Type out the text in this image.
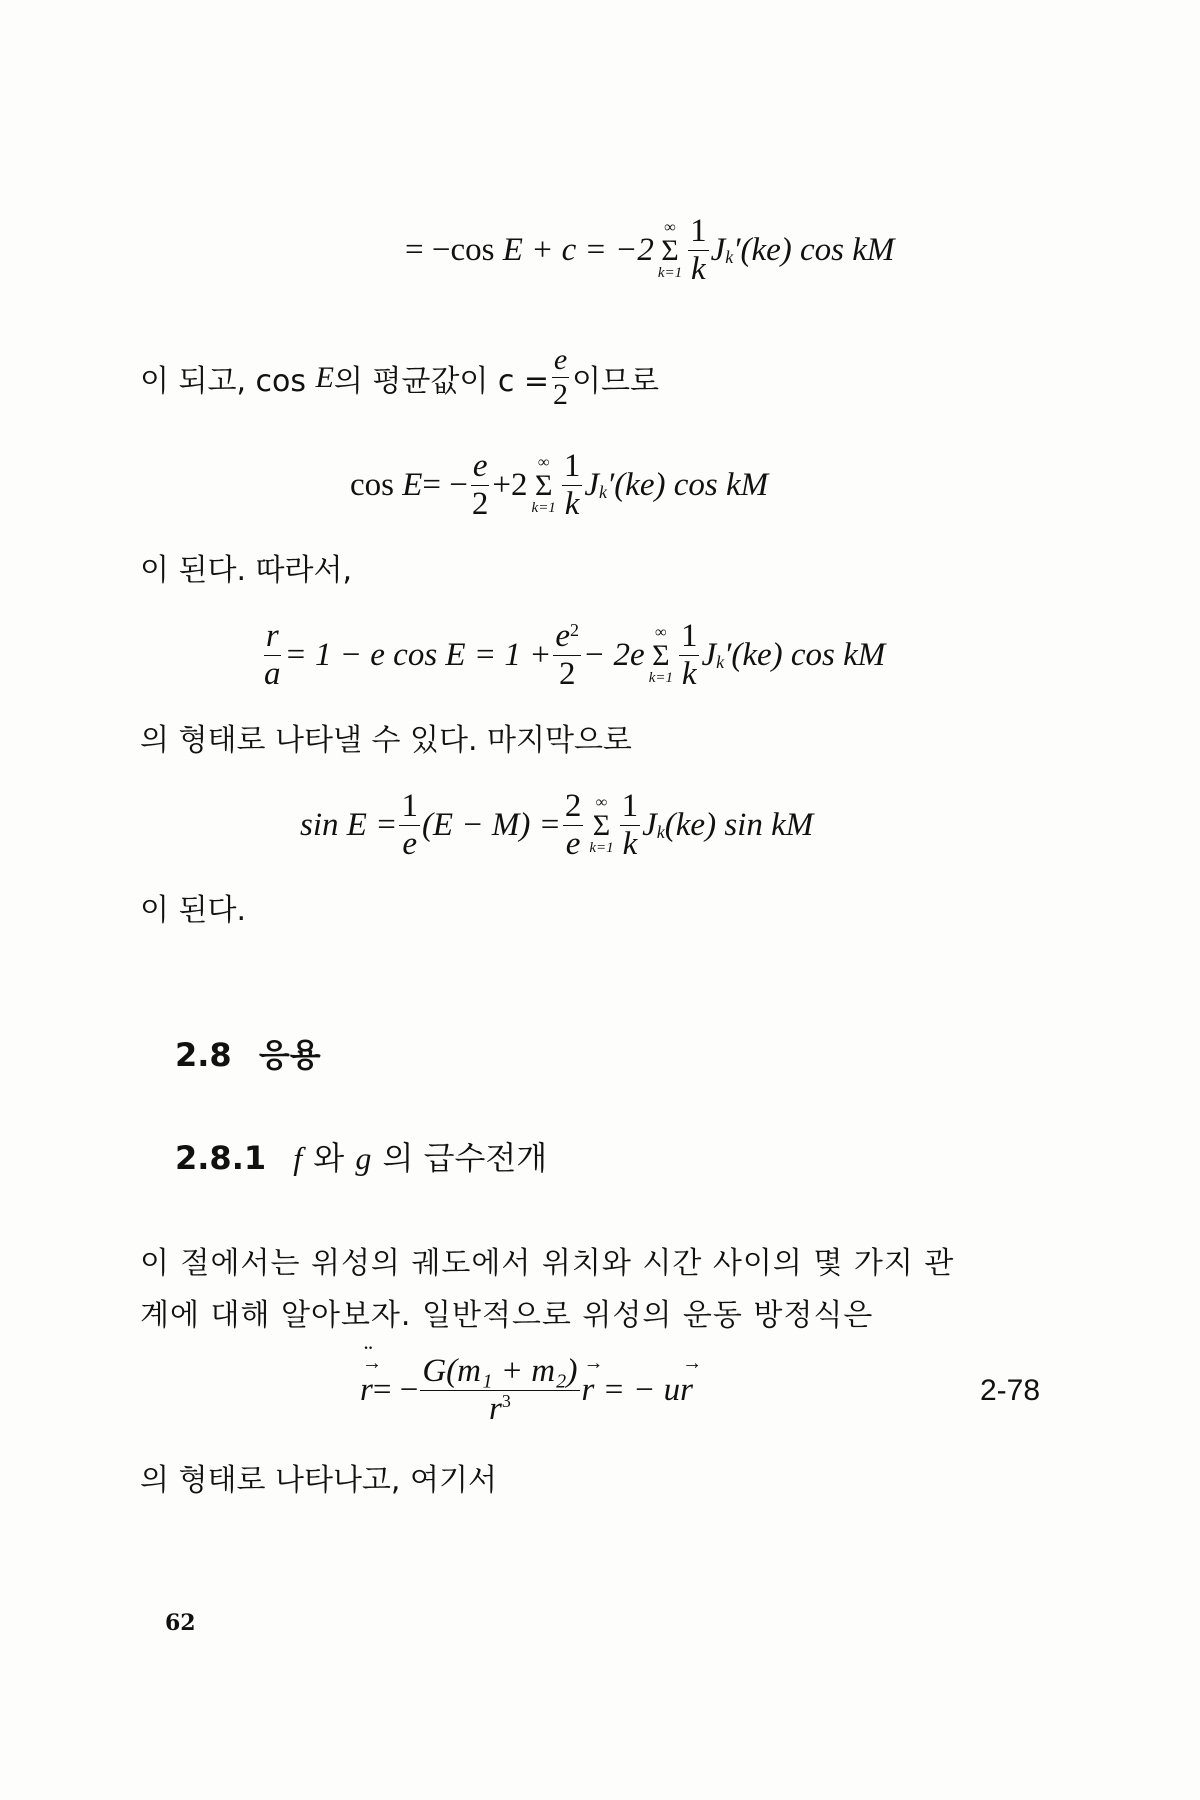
= −cos
E
+ c = −2
∞
Σ
$k=1 \frac{1}{k}$ J k ′(ke) cos kM
이 되고, cos
E 의 평균값이 $c = \frac{e}{2}$ 이므로
cos
E = − $\frac{e}{2} +2$
∞
Σ
$k=1 \frac{1}{k}$ J k ′(ke) cos kM
이 된다. 따라서,
$\frac{r}{a} = 1 - e$ $\cos E = 1 + \frac{e^2}{2} - 2e$
∞
Σ
$k=1 \frac{1}{k}$ J k ′(ke) cos kM
의 형태로 나타낼 수 있다. 마지막으로
$\sin E = \frac{1}{e} (E - M) = \frac{2}{e}$ ∞
Σ
$k=1 \frac{1}{k}$ J k (ke) sin kM
이 된다.
2.8 응용
2.8.1 f 와 g 의 급수전개
이 절에서는 위성의 궤도에서 위치와 시간 사이의 몇 가지 관
계에 대해 알아보자. 일반적으로 위성의 운동 방정식은
→ r ¨ = − $\frac{\text{G(m₁ + m₂)}}{r^3}$
→ r
= − u
→ r	2-78
의 형태로 나타나고, 여기서
62
